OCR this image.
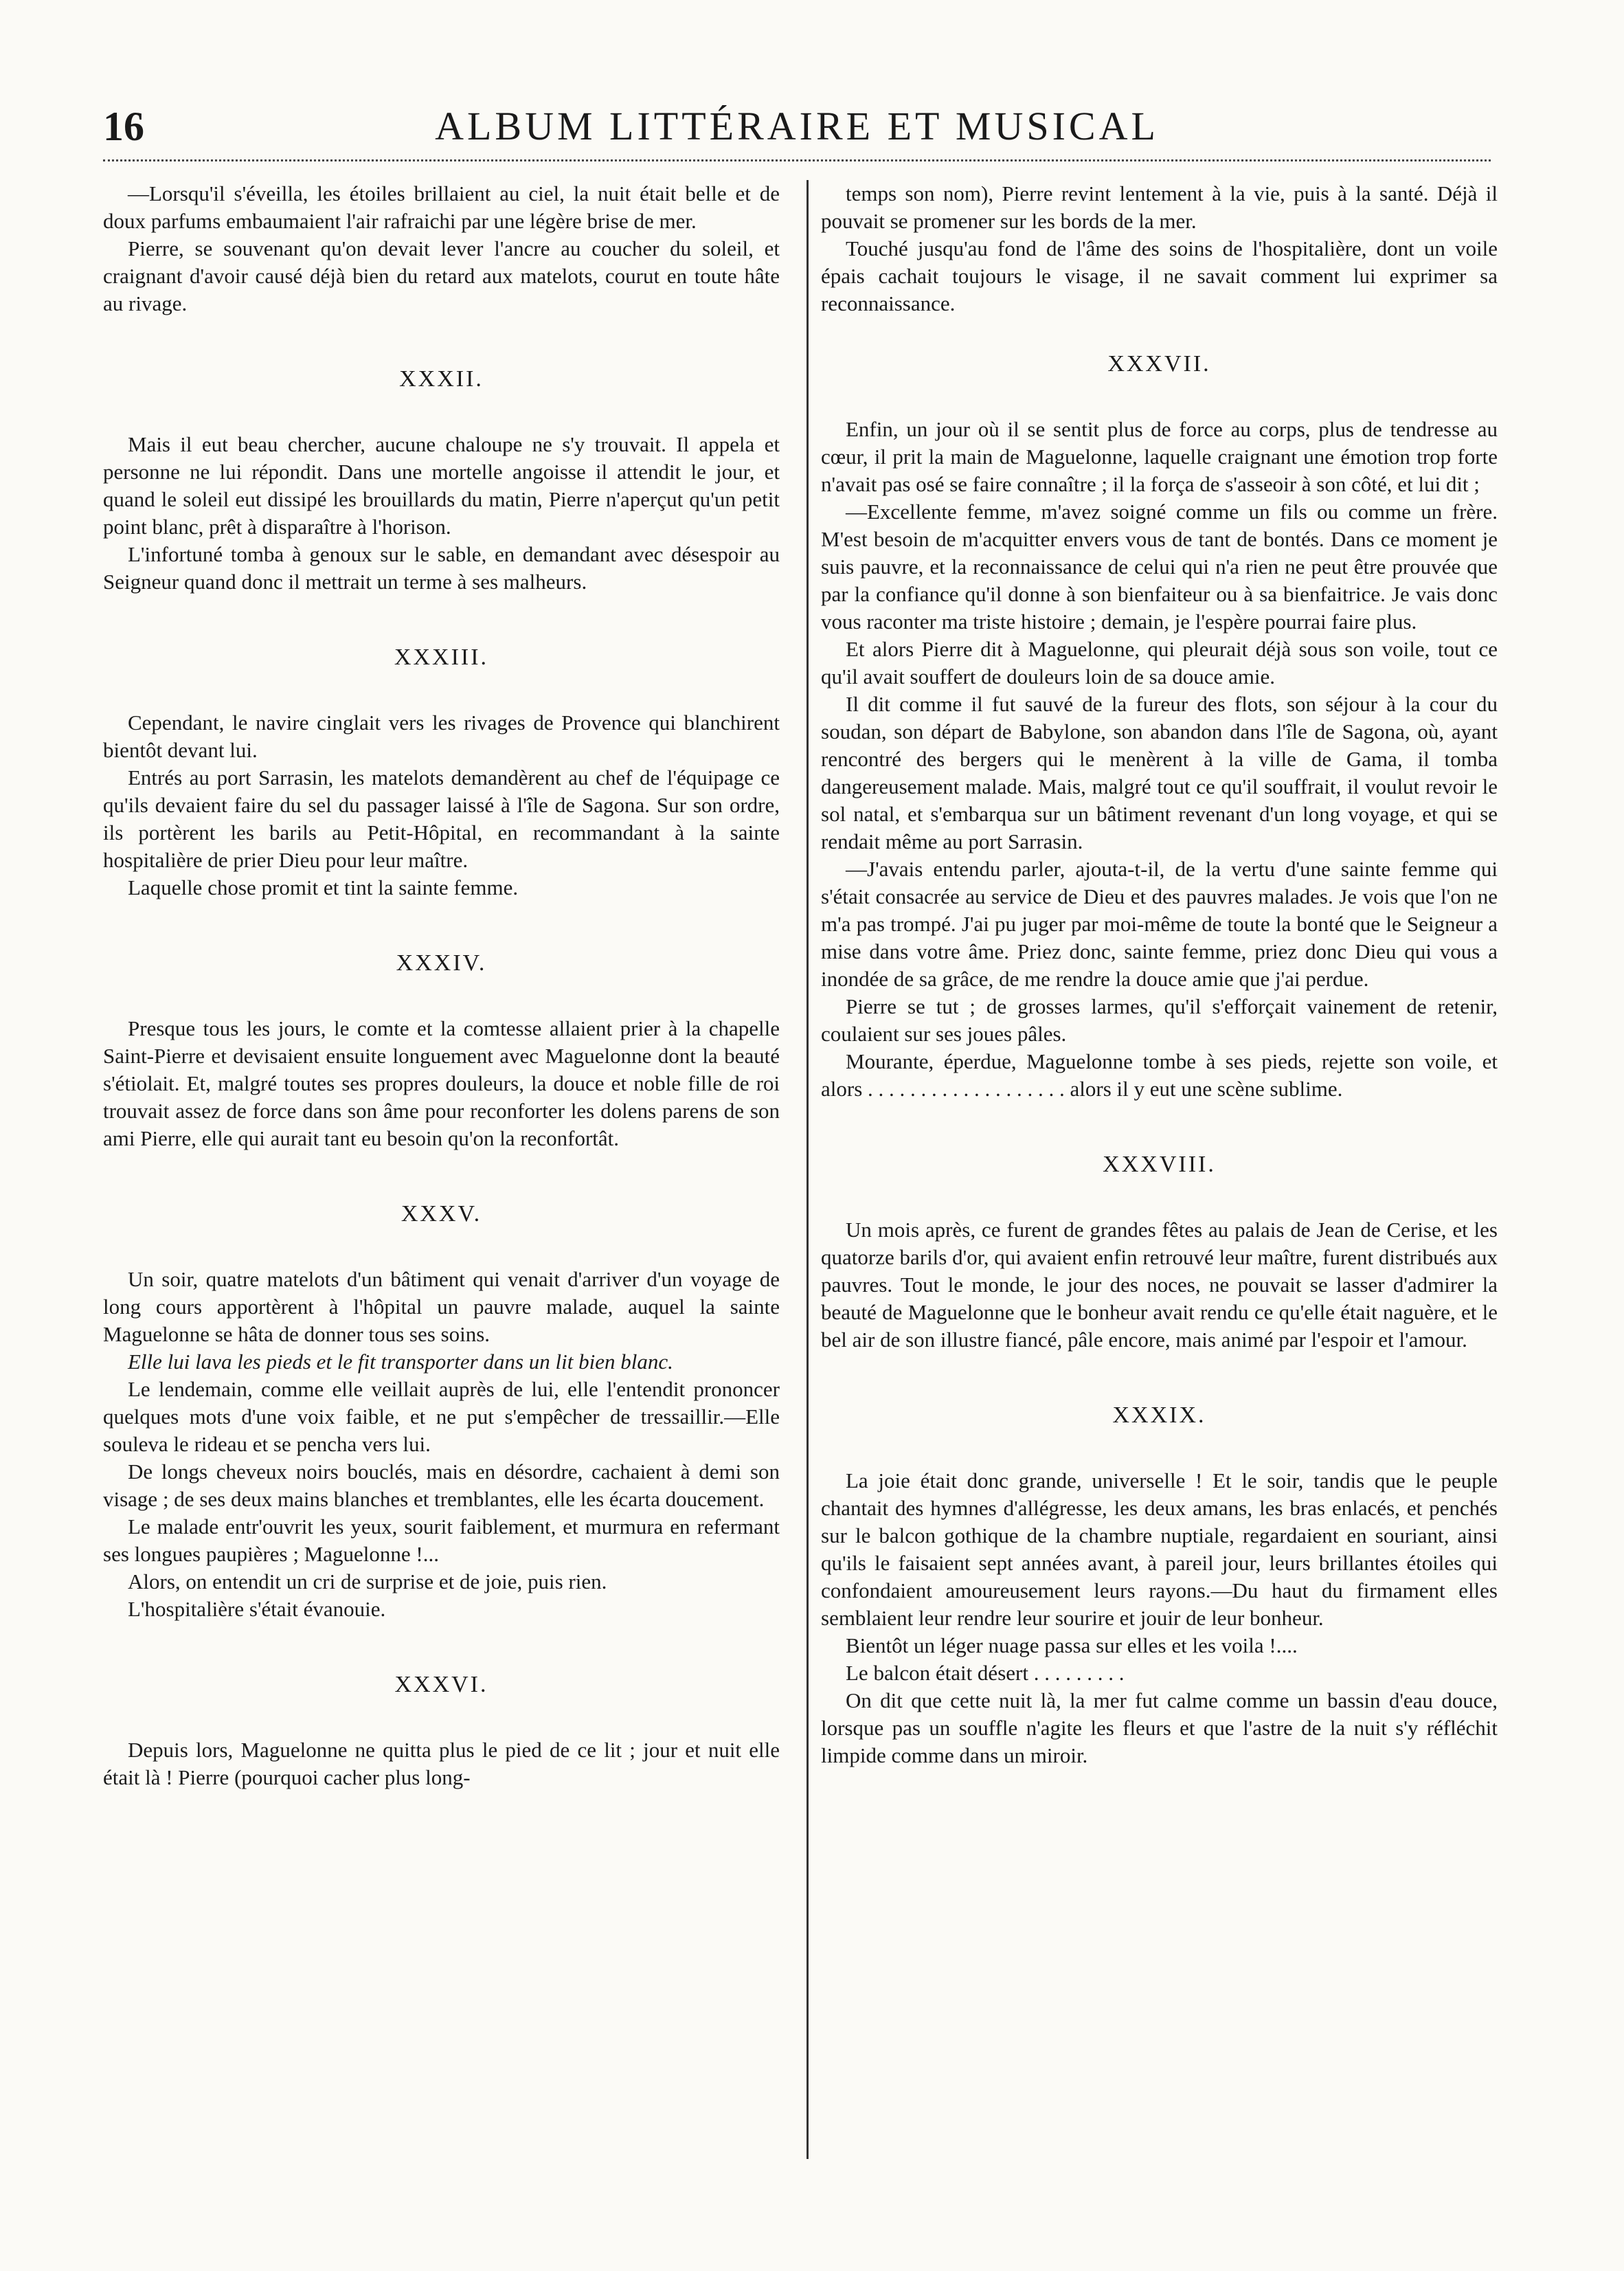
16	ALBUM LITTÉRAIRE ET MUSICAL

—Lorsqu'il s'éveilla, les étoiles brillaient au ciel, la nuit était belle et de doux parfums embaumaient l'air rafraichi par une légère brise de mer.

Pierre, se souvenant qu'on devait lever l'ancre au coucher du soleil, et craignant d'avoir causé déjà bien du retard aux matelots, courut en toute hâte au rivage.

XXXII.

Mais il eut beau chercher, aucune chaloupe ne s'y trouvait. Il appela et personne ne lui répondit. Dans une mortelle angoisse il attendit le jour, et quand le soleil eut dissipé les brouillards du matin, Pierre n'aperçut qu'un petit point blanc, prêt à disparaître à l'horison.

L'infortuné tomba à genoux sur le sable, en demandant avec désespoir au Seigneur quand donc il mettrait un terme à ses malheurs.

XXXIII.

Cependant, le navire cinglait vers les rivages de Provence qui blanchirent bientôt devant lui.

Entrés au port Sarrasin, les matelots demandèrent au chef de l'équipage ce qu'ils devaient faire du sel du passager laissé à l'île de Sagona. Sur son ordre, ils portèrent les barils au Petit-Hôpital, en recommandant à la sainte hospitalière de prier Dieu pour leur maître.

Laquelle chose promit et tint la sainte femme.

XXXIV.

Presque tous les jours, le comte et la comtesse allaient prier à la chapelle Saint-Pierre et devisaient ensuite longuement avec Maguelonne dont la beauté s'étiolait. Et, malgré toutes ses propres douleurs, la douce et noble fille de roi trouvait assez de force dans son âme pour reconforter les dolens parens de son ami Pierre, elle qui aurait tant eu besoin qu'on la reconfortât.

XXXV.

Un soir, quatre matelots d'un bâtiment qui venait d'arriver d'un voyage de long cours apportèrent à l'hôpital un pauvre malade, auquel la sainte Maguelonne se hâta de donner tous ses soins.

Elle lui lava les pieds et le fit transporter dans un lit bien blanc.

Le lendemain, comme elle veillait auprès de lui, elle l'entendit prononcer quelques mots d'une voix faible, et ne put s'empêcher de tressaillir.—Elle souleva le rideau et se pencha vers lui.

De longs cheveux noirs bouclés, mais en désordre, cachaient à demi son visage ; de ses deux mains blanches et tremblantes, elle les écarta doucement.

Le malade entr'ouvrit les yeux, sourit faiblement, et murmura en refermant ses longues paupières ; Maguelonne !...

Alors, on entendit un cri de surprise et de joie, puis rien.

L'hospitalière s'était évanouie.

XXXVI.

Depuis lors, Maguelonne ne quitta plus le pied de ce lit ; jour et nuit elle était là ! Pierre (pourquoi cacher plus long-

temps son nom), Pierre revint lentement à la vie, puis à la santé. Déjà il pouvait se promener sur les bords de la mer.

Touché jusqu'au fond de l'âme des soins de l'hospitalière, dont un voile épais cachait toujours le visage, il ne savait comment lui exprimer sa reconnaissance.

XXXVII.

Enfin, un jour où il se sentit plus de force au corps, plus de tendresse au cœur, il prit la main de Maguelonne, laquelle craignant une émotion trop forte n'avait pas osé se faire connaître ; il la força de s'asseoir à son côté, et lui dit ;

—Excellente femme, m'avez soigné comme un fils ou comme un frère. M'est besoin de m'acquitter envers vous de tant de bontés. Dans ce moment je suis pauvre, et la reconnaissance de celui qui n'a rien ne peut être prouvée que par la confiance qu'il donne à son bienfaiteur ou à sa bienfaitrice. Je vais donc vous raconter ma triste histoire ; demain, je l'espère pourrai faire plus.

Et alors Pierre dit à Maguelonne, qui pleurait déjà sous son voile, tout ce qu'il avait souffert de douleurs loin de sa douce amie.

Il dit comme il fut sauvé de la fureur des flots, son séjour à la cour du soudan, son départ de Babylone, son abandon dans l'île de Sagona, où, ayant rencontré des bergers qui le menèrent à la ville de Gama, il tomba dangereusement malade. Mais, malgré tout ce qu'il souffrait, il voulut revoir le sol natal, et s'embarqua sur un bâtiment revenant d'un long voyage, et qui se rendait même au port Sarrasin.

—J'avais entendu parler, ajouta-t-il, de la vertu d'une sainte femme qui s'était consacrée au service de Dieu et des pauvres malades. Je vois que l'on ne m'a pas trompé. J'ai pu juger par moi-même de toute la bonté que le Seigneur a mise dans votre âme. Priez donc, sainte femme, priez donc Dieu qui vous a inondée de sa grâce, de me rendre la douce amie que j'ai perdue.

Pierre se tut ; de grosses larmes, qu'il s'efforçait vainement de retenir, coulaient sur ses joues pâles.

Mourante, éperdue, Maguelonne tombe à ses pieds, rejette son voile, et alors . . . . . . . . . . . . . . . . . . . alors il y eut une scène sublime.

XXXVIII.

Un mois après, ce furent de grandes fêtes au palais de Jean de Cerise, et les quatorze barils d'or, qui avaient enfin retrouvé leur maître, furent distribués aux pauvres. Tout le monde, le jour des noces, ne pouvait se lasser d'admirer la beauté de Maguelonne que le bonheur avait rendu ce qu'elle était naguère, et le bel air de son illustre fiancé, pâle encore, mais animé par l'espoir et l'amour.

XXXIX.

La joie était donc grande, universelle ! Et le soir, tandis que le peuple chantait des hymnes d'allégresse, les deux amans, les bras enlacés, et penchés sur le balcon gothique de la chambre nuptiale, regardaient en souriant, ainsi qu'ils le faisaient sept années avant, à pareil jour, leurs brillantes étoiles qui confondaient amoureusement leurs rayons.—Du haut du firmament elles semblaient leur rendre leur sourire et jouir de leur bonheur.

Bientôt un léger nuage passa sur elles et les voila !....

Le balcon était désert . . . . . . . . .

On dit que cette nuit là, la mer fut calme comme un bassin d'eau douce, lorsque pas un souffle n'agite les fleurs et que l'astre de la nuit s'y réfléchit limpide comme dans un miroir.
